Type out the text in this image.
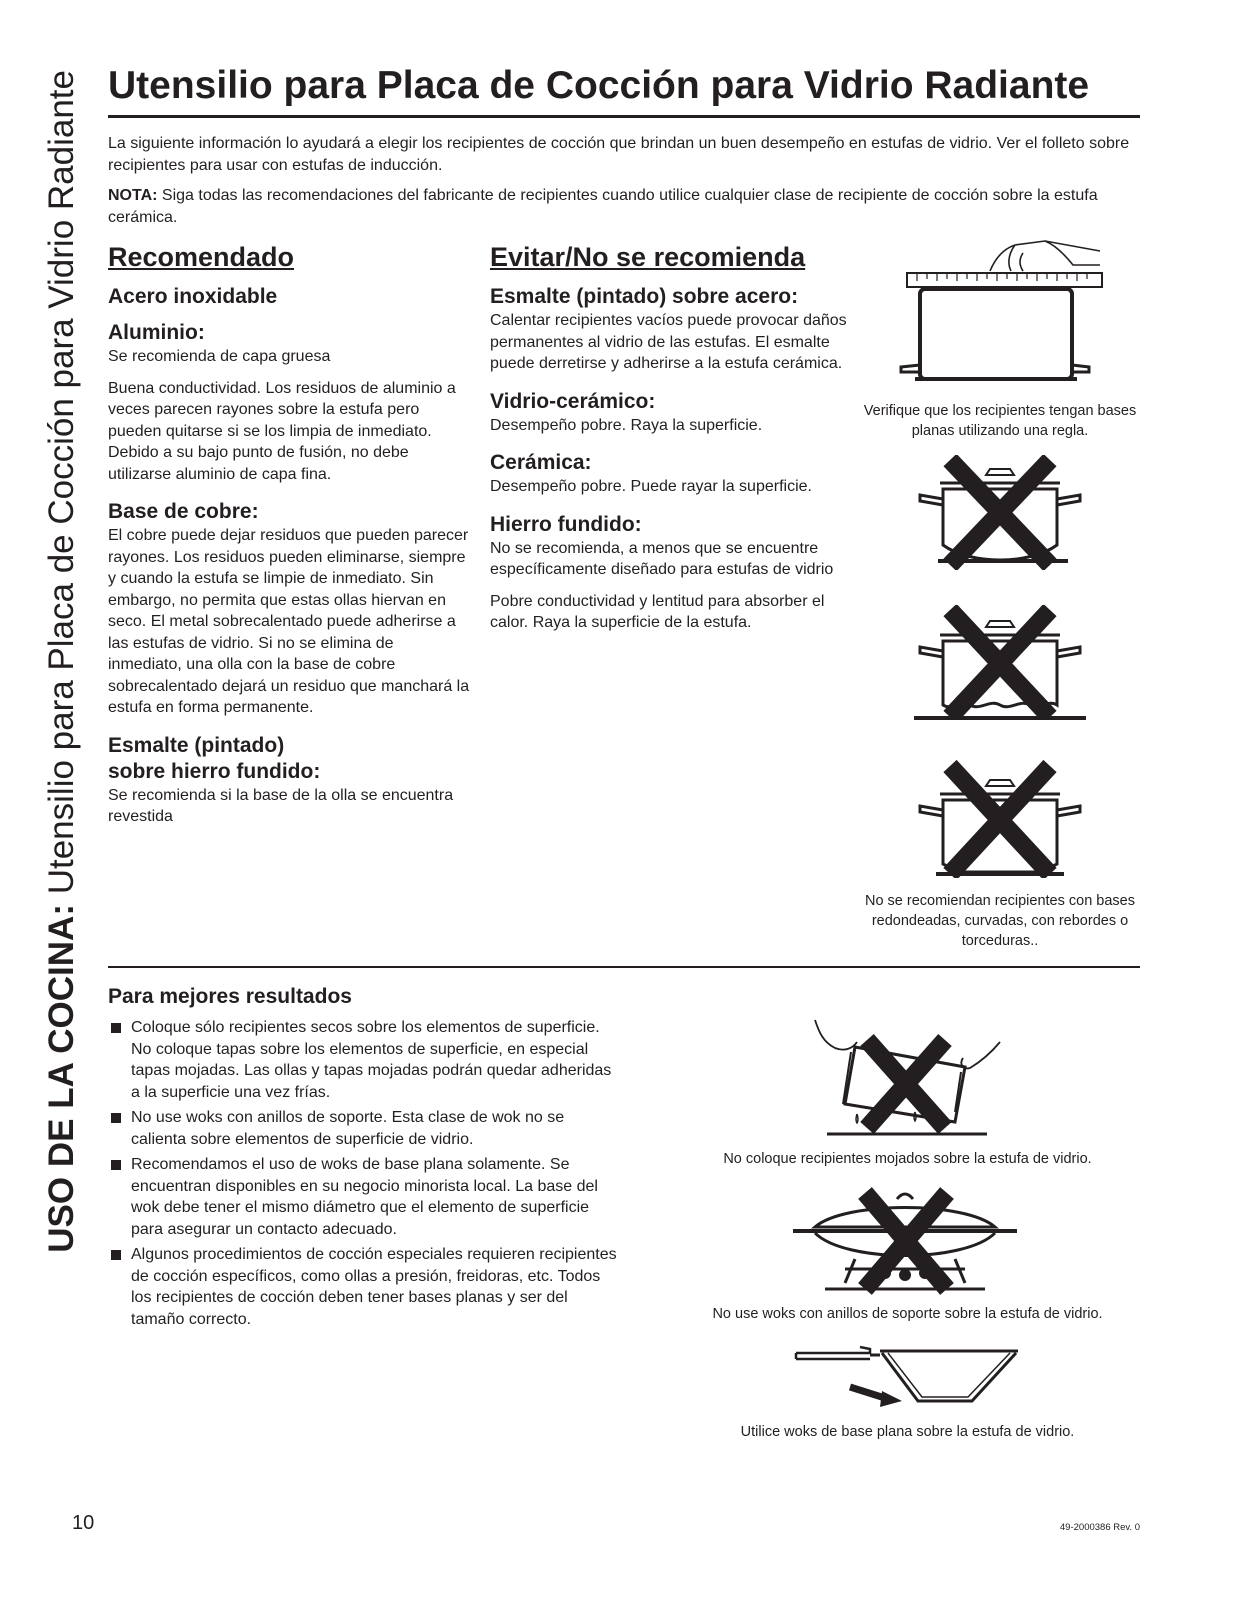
USO DE LA COCINA: Utensilio para Placa de Cocción para Vidrio Radiante Utensilio para Placa de Cocción para Vidrio Radiante

La siguiente información lo ayudará a elegir los recipientes de cocción que brindan un buen desempeño en estufas de vidrio. Ver el folleto sobre recipientes para usar con estufas de inducción.

NOTA: Siga todas las recomendaciones del fabricante de recipientes cuando utilice cualquier clase de recipiente de cocción sobre la estufa cerámica.

Recomendado
Acero inoxidable
Aluminio:

Se recomienda de capa gruesa

Buena conductividad. Los residuos de aluminio a veces parecen rayones sobre la estufa pero pueden quitarse si se los limpia de inmediato. Debido a su bajo punto de fusión, no debe utilizarse aluminio de capa fina.

Base de cobre:

El cobre puede dejar residuos que pueden parecer rayones. Los residuos pueden eliminarse, siempre y cuando la estufa se limpie de inmediato. Sin embargo, no permita que estas ollas hiervan en seco. El metal sobrecalentado puede adherirse a las estufas de vidrio. Si no se elimina de inmediato, una olla con la base de cobre sobrecalentado dejará un residuo que manchará la estufa en forma permanente.

Esmalte (pintado)
sobre hierro fundido:

Se recomienda si la base de la olla se encuentra revestida

Evitar/No se recomienda
Esmalte (pintado) sobre acero:

Calentar recipientes vacíos puede provocar daños permanentes al vidrio de las estufas. El esmalte puede derretirse y adherirse a la estufa cerámica.

Vidrio-cerámico:

Desempeño pobre. Raya la superficie.

Cerámica:

Desempeño pobre. Puede rayar la superficie.

Hierro fundido:

No se recomienda, a menos que se encuentre específicamente diseñado para estufas de vidrio

Pobre conductividad y lentitud para absorber el calor. Raya la superficie de la estufa.

Verifique que los recipientes tengan bases planas utilizando una regla.
No se recomiendan recipientes con bases redondeadas, curvadas, con rebordes o torceduras..
Para mejores resultados
Coloque sólo recipientes secos sobre los elementos de superficie. No coloque tapas sobre los elementos de superficie, en especial tapas mojadas. Las ollas y tapas mojadas podrán quedar adheridas a la superficie una vez frías.
No use woks con anillos de soporte. Esta clase de wok no se calienta sobre elementos de superficie de vidrio.
Recomendamos el uso de woks de base plana solamente. Se encuentran disponibles en su negocio minorista local. La base del wok debe tener el mismo diámetro que el elemento de superficie para asegurar un contacto adecuado.
Algunos procedimientos de cocción especiales requieren recipientes de cocción específicos, como ollas a presión, freidoras, etc. Todos los recipientes de cocción deben tener bases planas y ser del tamaño correcto.
No coloque recipientes mojados sobre la estufa de vidrio.
No use woks con anillos de soporte sobre la estufa de vidrio.
Utilice woks de base plana sobre la estufa de vidrio.
10	49-2000386 Rev. 0
